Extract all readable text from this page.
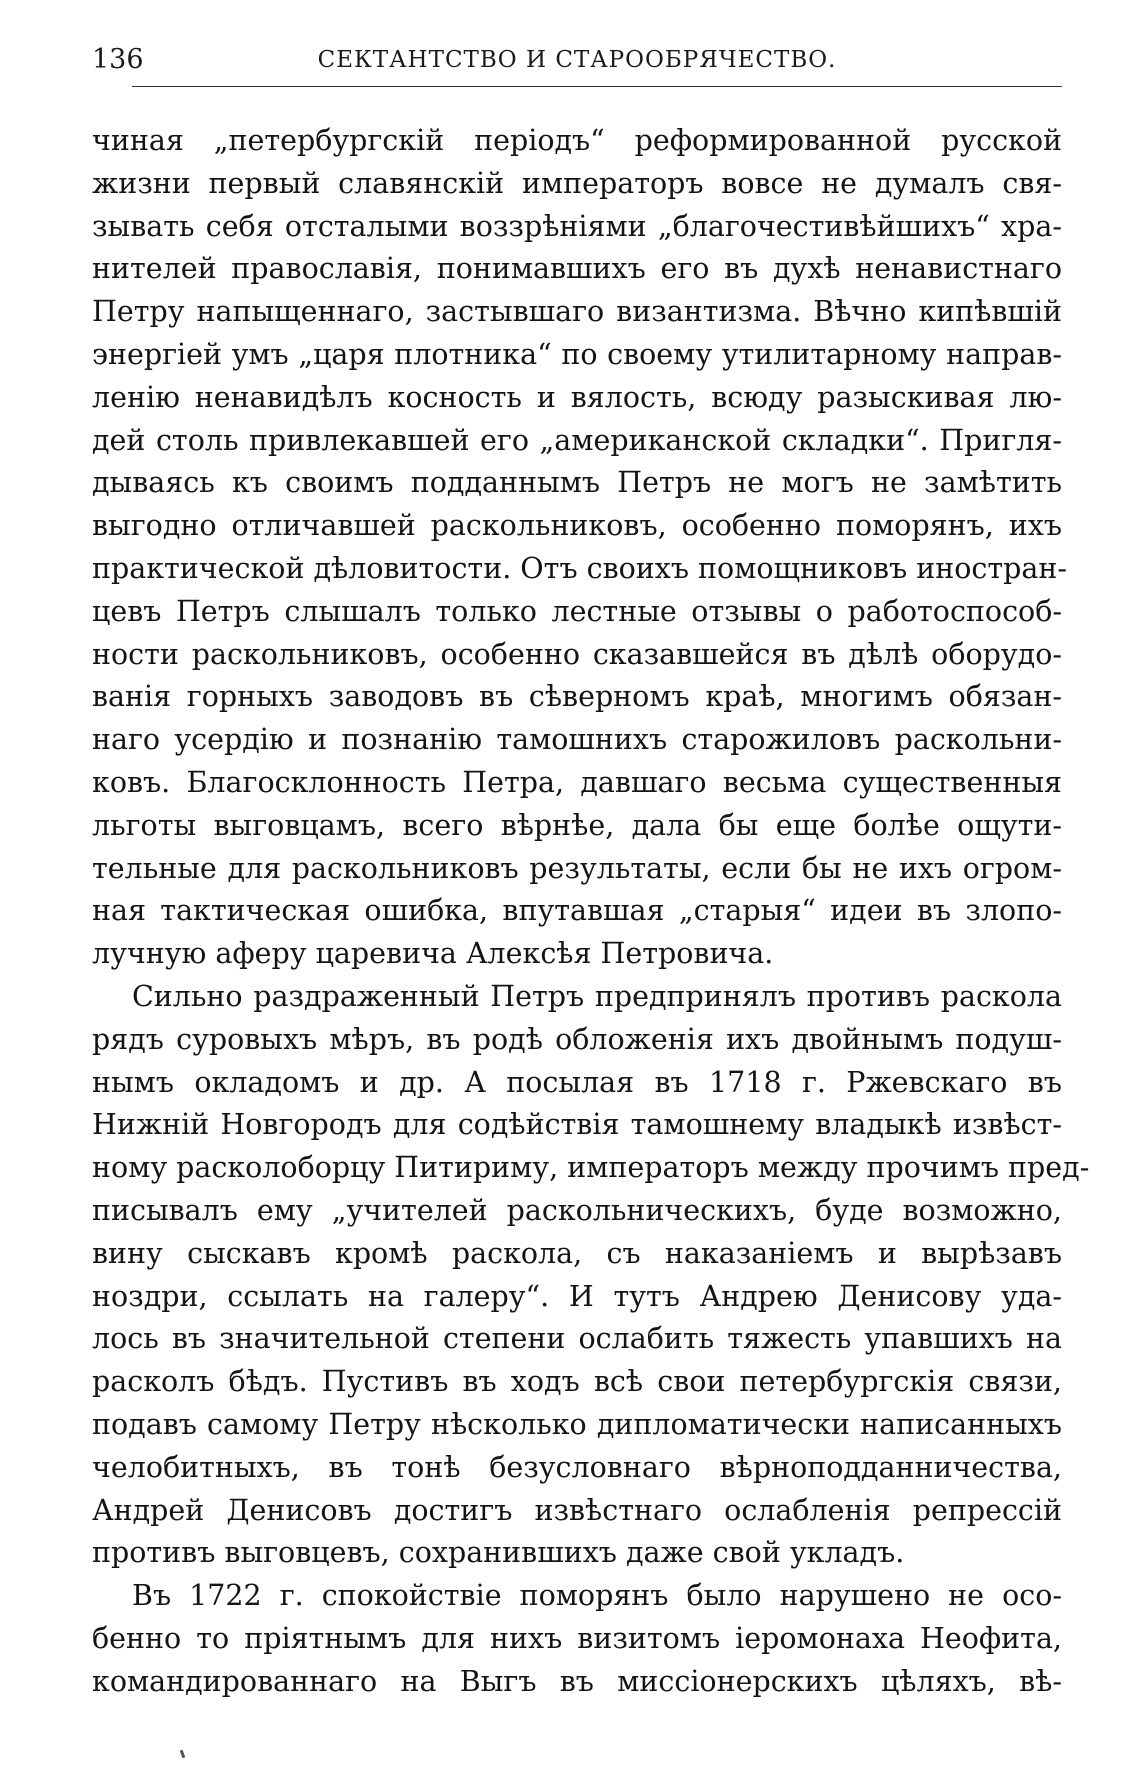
136	СЕКТАНТСТВО И СТАРООБРЯЧЕСТВО.
чиная „петербургскій періодъ“ реформированной русской
жизни первый славянскій императоръ вовсе не думалъ свя-
зывать себя отсталыми воззрѣніями „благочестивѣйшихъ“ хра-
нителей православія, понимавшихъ его въ духѣ ненавистнаго
Петру напыщеннаго, застывшаго византизма. Вѣчно кипѣвшій
энергіей умъ „царя плотника“ по своему утилитарному направ-
ленію ненавидѣлъ косность и вялость, всюду разыскивая лю-
дей столь привлекавшей его „американской складки“. Пригля-
дываясь къ своимъ подданнымъ Петръ не могъ не замѣтить
выгодно отличавшей раскольниковъ, особенно поморянъ, ихъ
практической дѣловитости. Отъ своихъ помощниковъ иностран-
цевъ Петръ слышалъ только лестные отзывы о работоспособ-
ности раскольниковъ, особенно сказавшейся въ дѣлѣ оборудо-
ванія горныхъ заводовъ въ сѣверномъ краѣ, многимъ обязан-
наго усердію и познанію тамошнихъ старожиловъ раскольни-
ковъ. Благосклонность Петра, давшаго весьма существенныя
льготы выговцамъ, всего вѣрнѣе, дала бы еще болѣе ощути-
тельные для раскольниковъ результаты, если бы не ихъ огром-
ная тактическая ошибка, впутавшая „старыя“ идеи въ злопо-
лучную аферу царевича Алексѣя Петровича.
Сильно раздраженный Петръ предпринялъ противъ раскола
рядъ суровыхъ мѣръ, въ родѣ обложенія ихъ двойнымъ подуш-
нымъ окладомъ и др. А посылая въ 1718 г. Ржевскаго въ
Нижній Новгородъ для содѣйствія тамошнему владыкѣ извѣст-
ному расколоборцу Питириму, императоръ между прочимъ пред-
писывалъ ему „учителей раскольническихъ, буде возможно,
вину сыскавъ кромѣ раскола, съ наказаніемъ и вырѣзавъ
ноздри, ссылать на галеру“. И тутъ Андрею Денисову уда-
лось въ значительной степени ослабить тяжесть упавшихъ на
расколъ бѣдъ. Пустивъ въ ходъ всѣ свои петербургскія связи,
подавъ самому Петру нѣсколько дипломатически написанныхъ
челобитныхъ, въ тонѣ безусловнаго вѣрноподданничества,
Андрей Денисовъ достигъ извѣстнаго ослабленія репрессій
противъ выговцевъ, сохранившихъ даже свой укладъ.
Въ 1722 г. спокойствіе поморянъ было нарушено не осо-
бенно то пріятнымъ для нихъ визитомъ іеромонаха Неофита,
командированнаго на Выгъ въ миссіонерскихъ цѣляхъ, вѣ-
